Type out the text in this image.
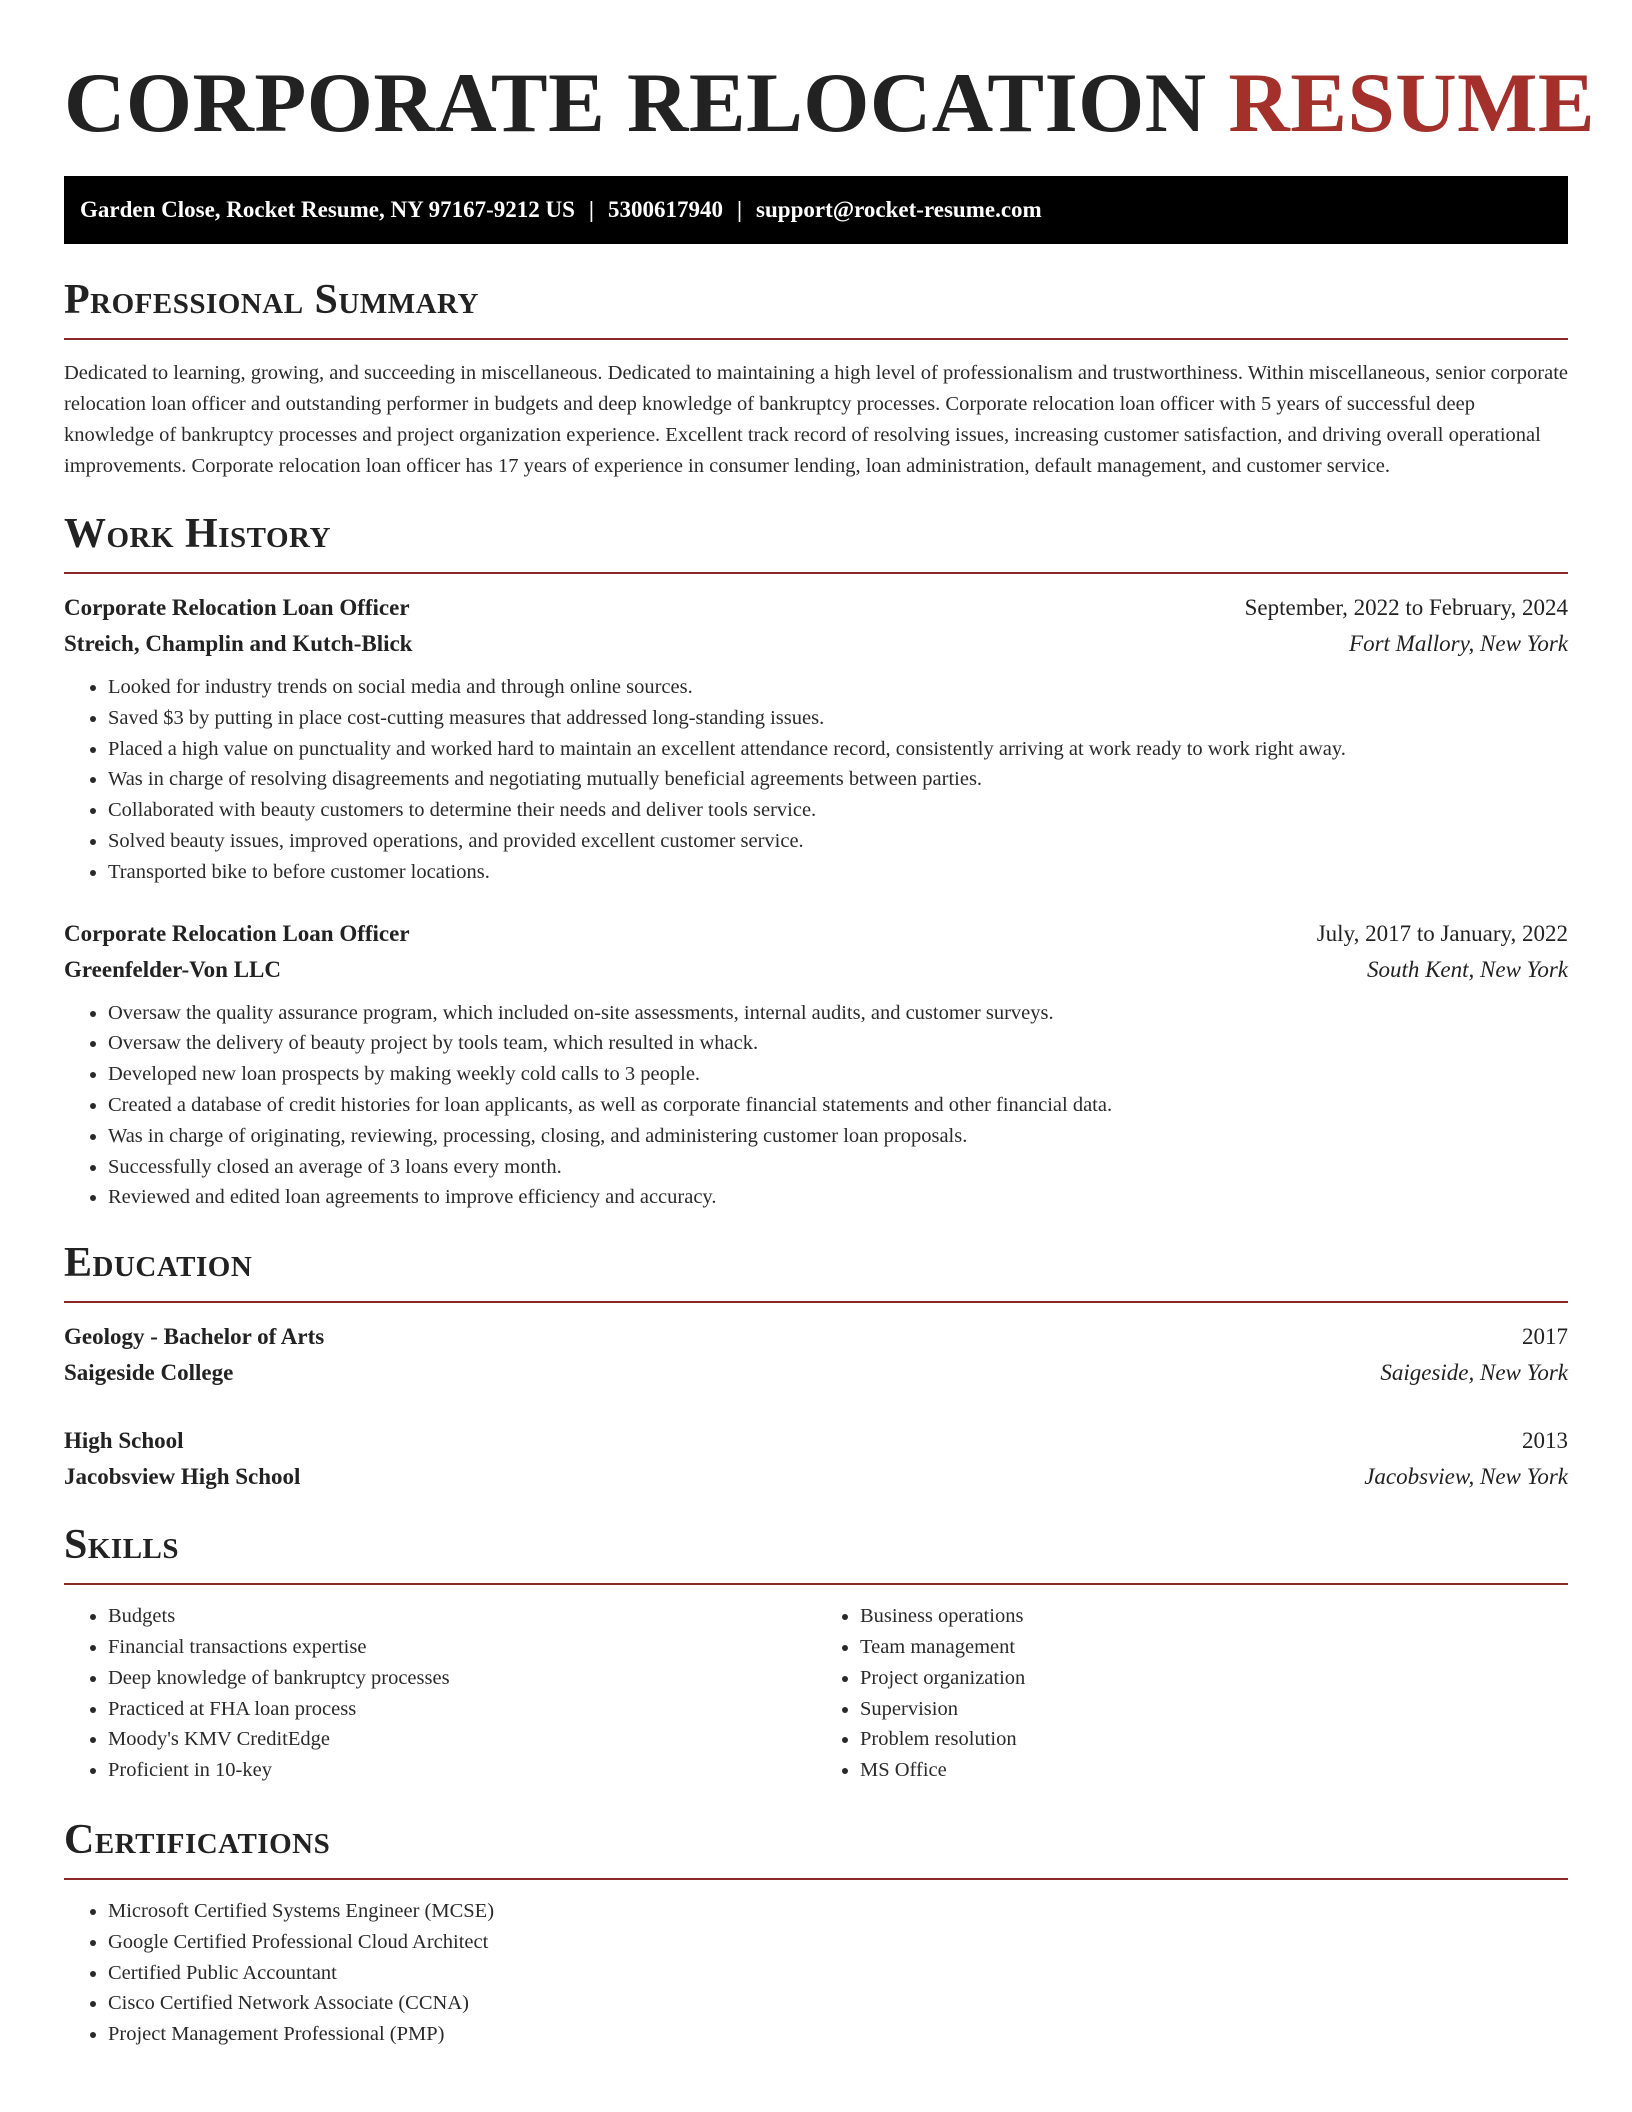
CORPORATE RELOCATION RESUME
Garden Close, Rocket Resume, NY 97167-9212 US | 5300617940 | support@rocket-resume.com
Professional Summary

Dedicated to learning, growing, and succeeding in miscellaneous. Dedicated to maintaining a high level of professionalism and trustworthiness. Within miscellaneous, senior corporate relocation loan officer and outstanding performer in budgets and deep knowledge of bankruptcy processes. Corporate relocation loan officer with 5 years of successful deep knowledge of bankruptcy processes and project organization experience. Excellent track record of resolving issues, increasing customer satisfaction, and driving overall operational improvements. Corporate relocation loan officer has 17 years of experience in consumer lending, loan administration, default management, and customer service.

Work History
Corporate Relocation Loan Officer	September, 2022 to February, 2024
Streich, Champlin and Kutch-Blick	Fort Mallory, New York
• Looked for industry trends on social media and through online sources.
• Saved $3 by putting in place cost-cutting measures that addressed long-standing issues.
• Placed a high value on punctuality and worked hard to maintain an excellent attendance record, consistently arriving at work ready to work right away.
• Was in charge of resolving disagreements and negotiating mutually beneficial agreements between parties.
• Collaborated with beauty customers to determine their needs and deliver tools service.
• Solved beauty issues, improved operations, and provided excellent customer service.
• Transported bike to before customer locations.
Corporate Relocation Loan Officer	July, 2017 to January, 2022
Greenfelder-Von LLC	South Kent, New York
• Oversaw the quality assurance program, which included on-site assessments, internal audits, and customer surveys.
• Oversaw the delivery of beauty project by tools team, which resulted in whack.
• Developed new loan prospects by making weekly cold calls to 3 people.
• Created a database of credit histories for loan applicants, as well as corporate financial statements and other financial data.
• Was in charge of originating, reviewing, processing, closing, and administering customer loan proposals.
• Successfully closed an average of 3 loans every month.
• Reviewed and edited loan agreements to improve efficiency and accuracy.
Education
Geology - Bachelor of Arts	2017
Saigeside College	Saigeside, New York
High School	2013
Jacobsview High School	Jacobsview, New York
Skills
• Budgets
• Financial transactions expertise
• Deep knowledge of bankruptcy processes
• Practiced at FHA loan process
• Moody's KMV CreditEdge
• Proficient in 10-key
• Business operations
• Team management
• Project organization
• Supervision
• Problem resolution
• MS Office
Certifications
• Microsoft Certified Systems Engineer (MCSE)
• Google Certified Professional Cloud Architect
• Certified Public Accountant
• Cisco Certified Network Associate (CCNA)
• Project Management Professional (PMP)
